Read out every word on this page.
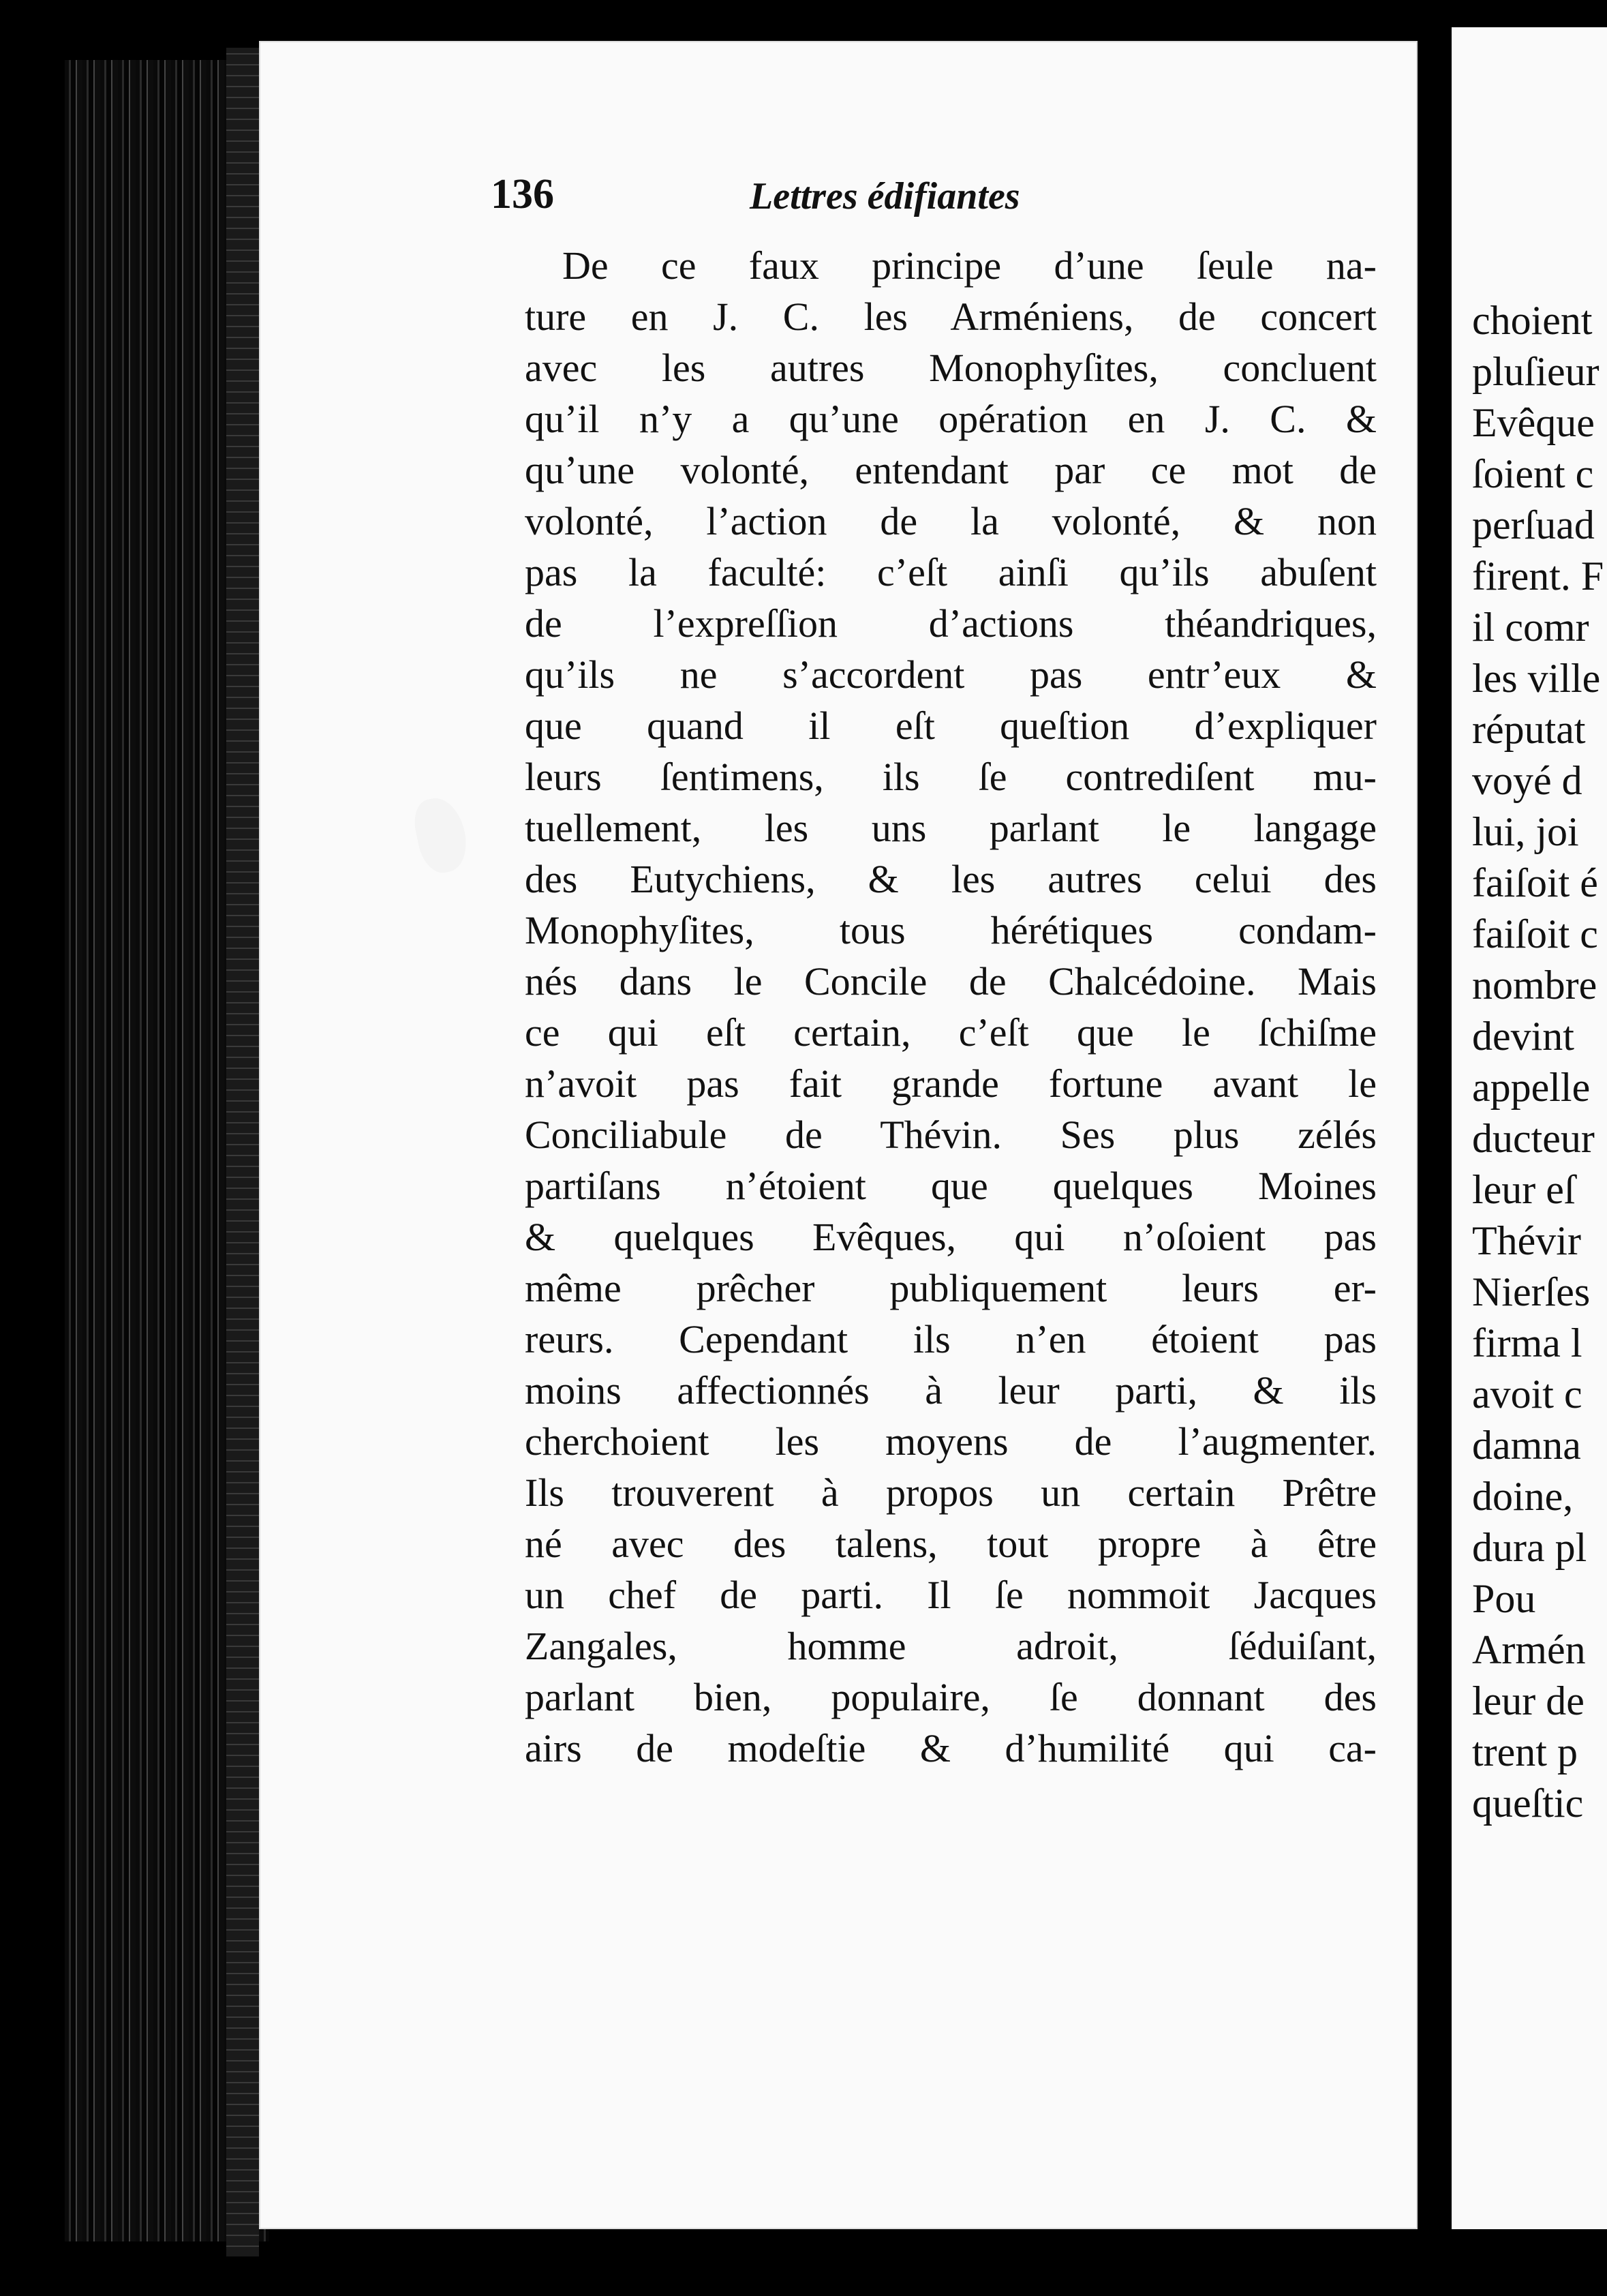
choient
pluſieur
Evêque
ſoient c
perſuad
firent. F
il comr
les ville
réputat
voyé d
lui, joi
faiſoit é
faiſoit c
nombre
devint
appelle
ducteur
leur eſ
Thévir
Nierſes
firma l
avoit c
damna
doine,
dura pl
Pou
Armén
leur de
trent p
queſtic
136	Lettres édifiantes
De ce faux principe d’une ſeule na-
ture en J. C. les Arméniens, de concert
avec les autres Monophyſites, concluent
qu’il n’y a qu’une opération en J. C. &
qu’une volonté, entendant par ce mot de
volonté, l’action de la volonté, & non
pas la faculté: c’eſt ainſi qu’ils abuſent
de l’expreſſion d’actions théandriques,
qu’ils ne s’accordent pas entr’eux &
que quand il eſt queſtion d’expliquer
leurs ſentimens, ils ſe contrediſent mu-
tuellement, les uns parlant le langage
des Eutychiens, & les autres celui des
Monophyſites, tous hérétiques condam-
nés dans le Concile de Chalcédoine. Mais
ce qui eſt certain, c’eſt que le ſchiſme
n’avoit pas fait grande fortune avant le
Conciliabule de Thévin. Ses plus zélés
partiſans n’étoient que quelques Moines
& quelques Evêques, qui n’oſoient pas
même prêcher publiquement leurs er-
reurs. Cependant ils n’en étoient pas
moins affectionnés à leur parti, & ils
cherchoient les moyens de l’augmenter.
Ils trouverent à propos un certain Prêtre
né avec des talens, tout propre à être
un chef de parti. Il ſe nommoit Jacques
Zangales, homme adroit, ſéduiſant,
parlant bien, populaire, ſe donnant des
airs de modeſtie & d’humilité qui ca-
